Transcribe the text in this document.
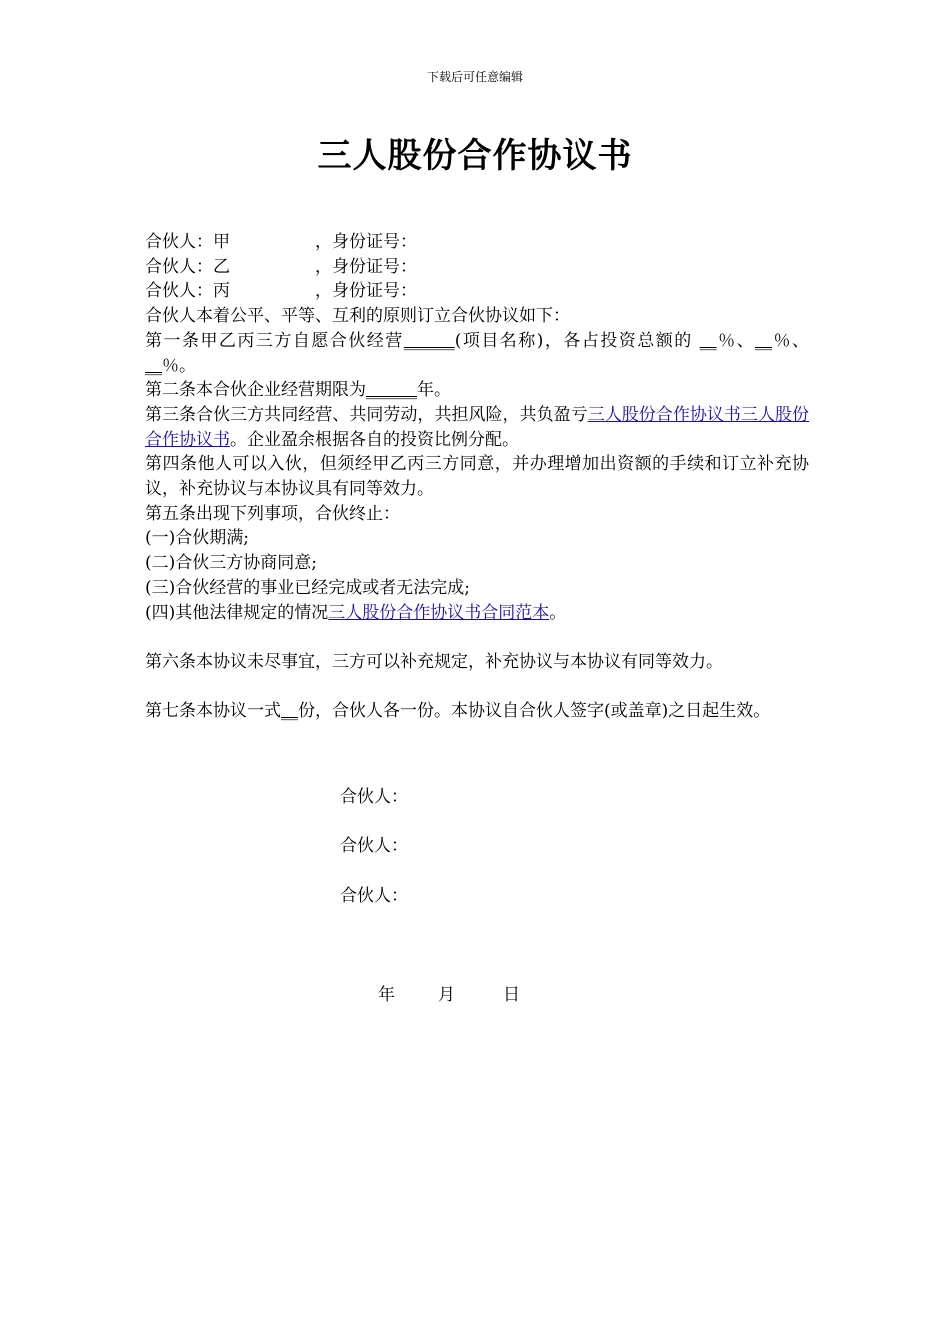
下载后可任意编辑
三人股份合作协议书
合伙人：甲	，身份证号：
合伙人：乙	，身份证号：
合伙人：丙	，身份证号：
合伙人本着公平、平等、互利的原则订立合伙协议如下：
第一条甲乙丙三方自愿合伙经营______(项目名称)，各占投资总额的 __％、__％、__％。
第二条本合伙企业经营期限为______年。
第三条合伙三方共同经营、共同劳动，共担风险，共负盈亏三人股份合作协议书三人股份合作协议书。企业盈余根据各自的投资比例分配。
第四条他人可以入伙，但须经甲乙丙三方同意，并办理增加出资额的手续和订立补充协议，补充协议与本协议具有同等效力。
第五条出现下列事项，合伙终止：
(一)合伙期满;
(二)合伙三方协商同意;
(三)合伙经营的事业已经完成或者无法完成;
(四)其他法律规定的情况三人股份合作协议书合同范本。
第六条本协议未尽事宜，三方可以补充规定，补充协议与本协议有同等效力。
第七条本协议一式__份，合伙人各一份。本协议自合伙人签字(或盖章)之日起生效。
合伙人：
合伙人：
合伙人：
年	月	日
